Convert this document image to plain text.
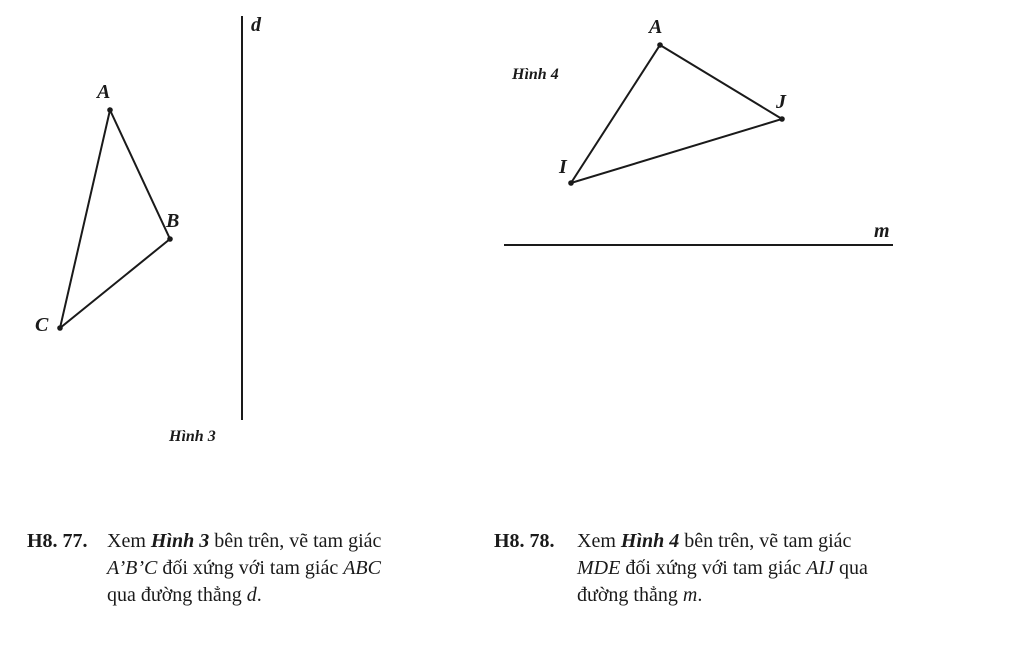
d
A
B
C
Hình 3
Hình 4
A
J
I
m
H8. 77. Xem Hình 3 bên trên, vẽ tam giác
A’B’C đối xứng với tam giác ABC
qua đường thẳng d.
H8. 78. Xem Hình 4 bên trên, vẽ tam giác
MDE đối xứng với tam giác AIJ qua
đường thẳng m.
